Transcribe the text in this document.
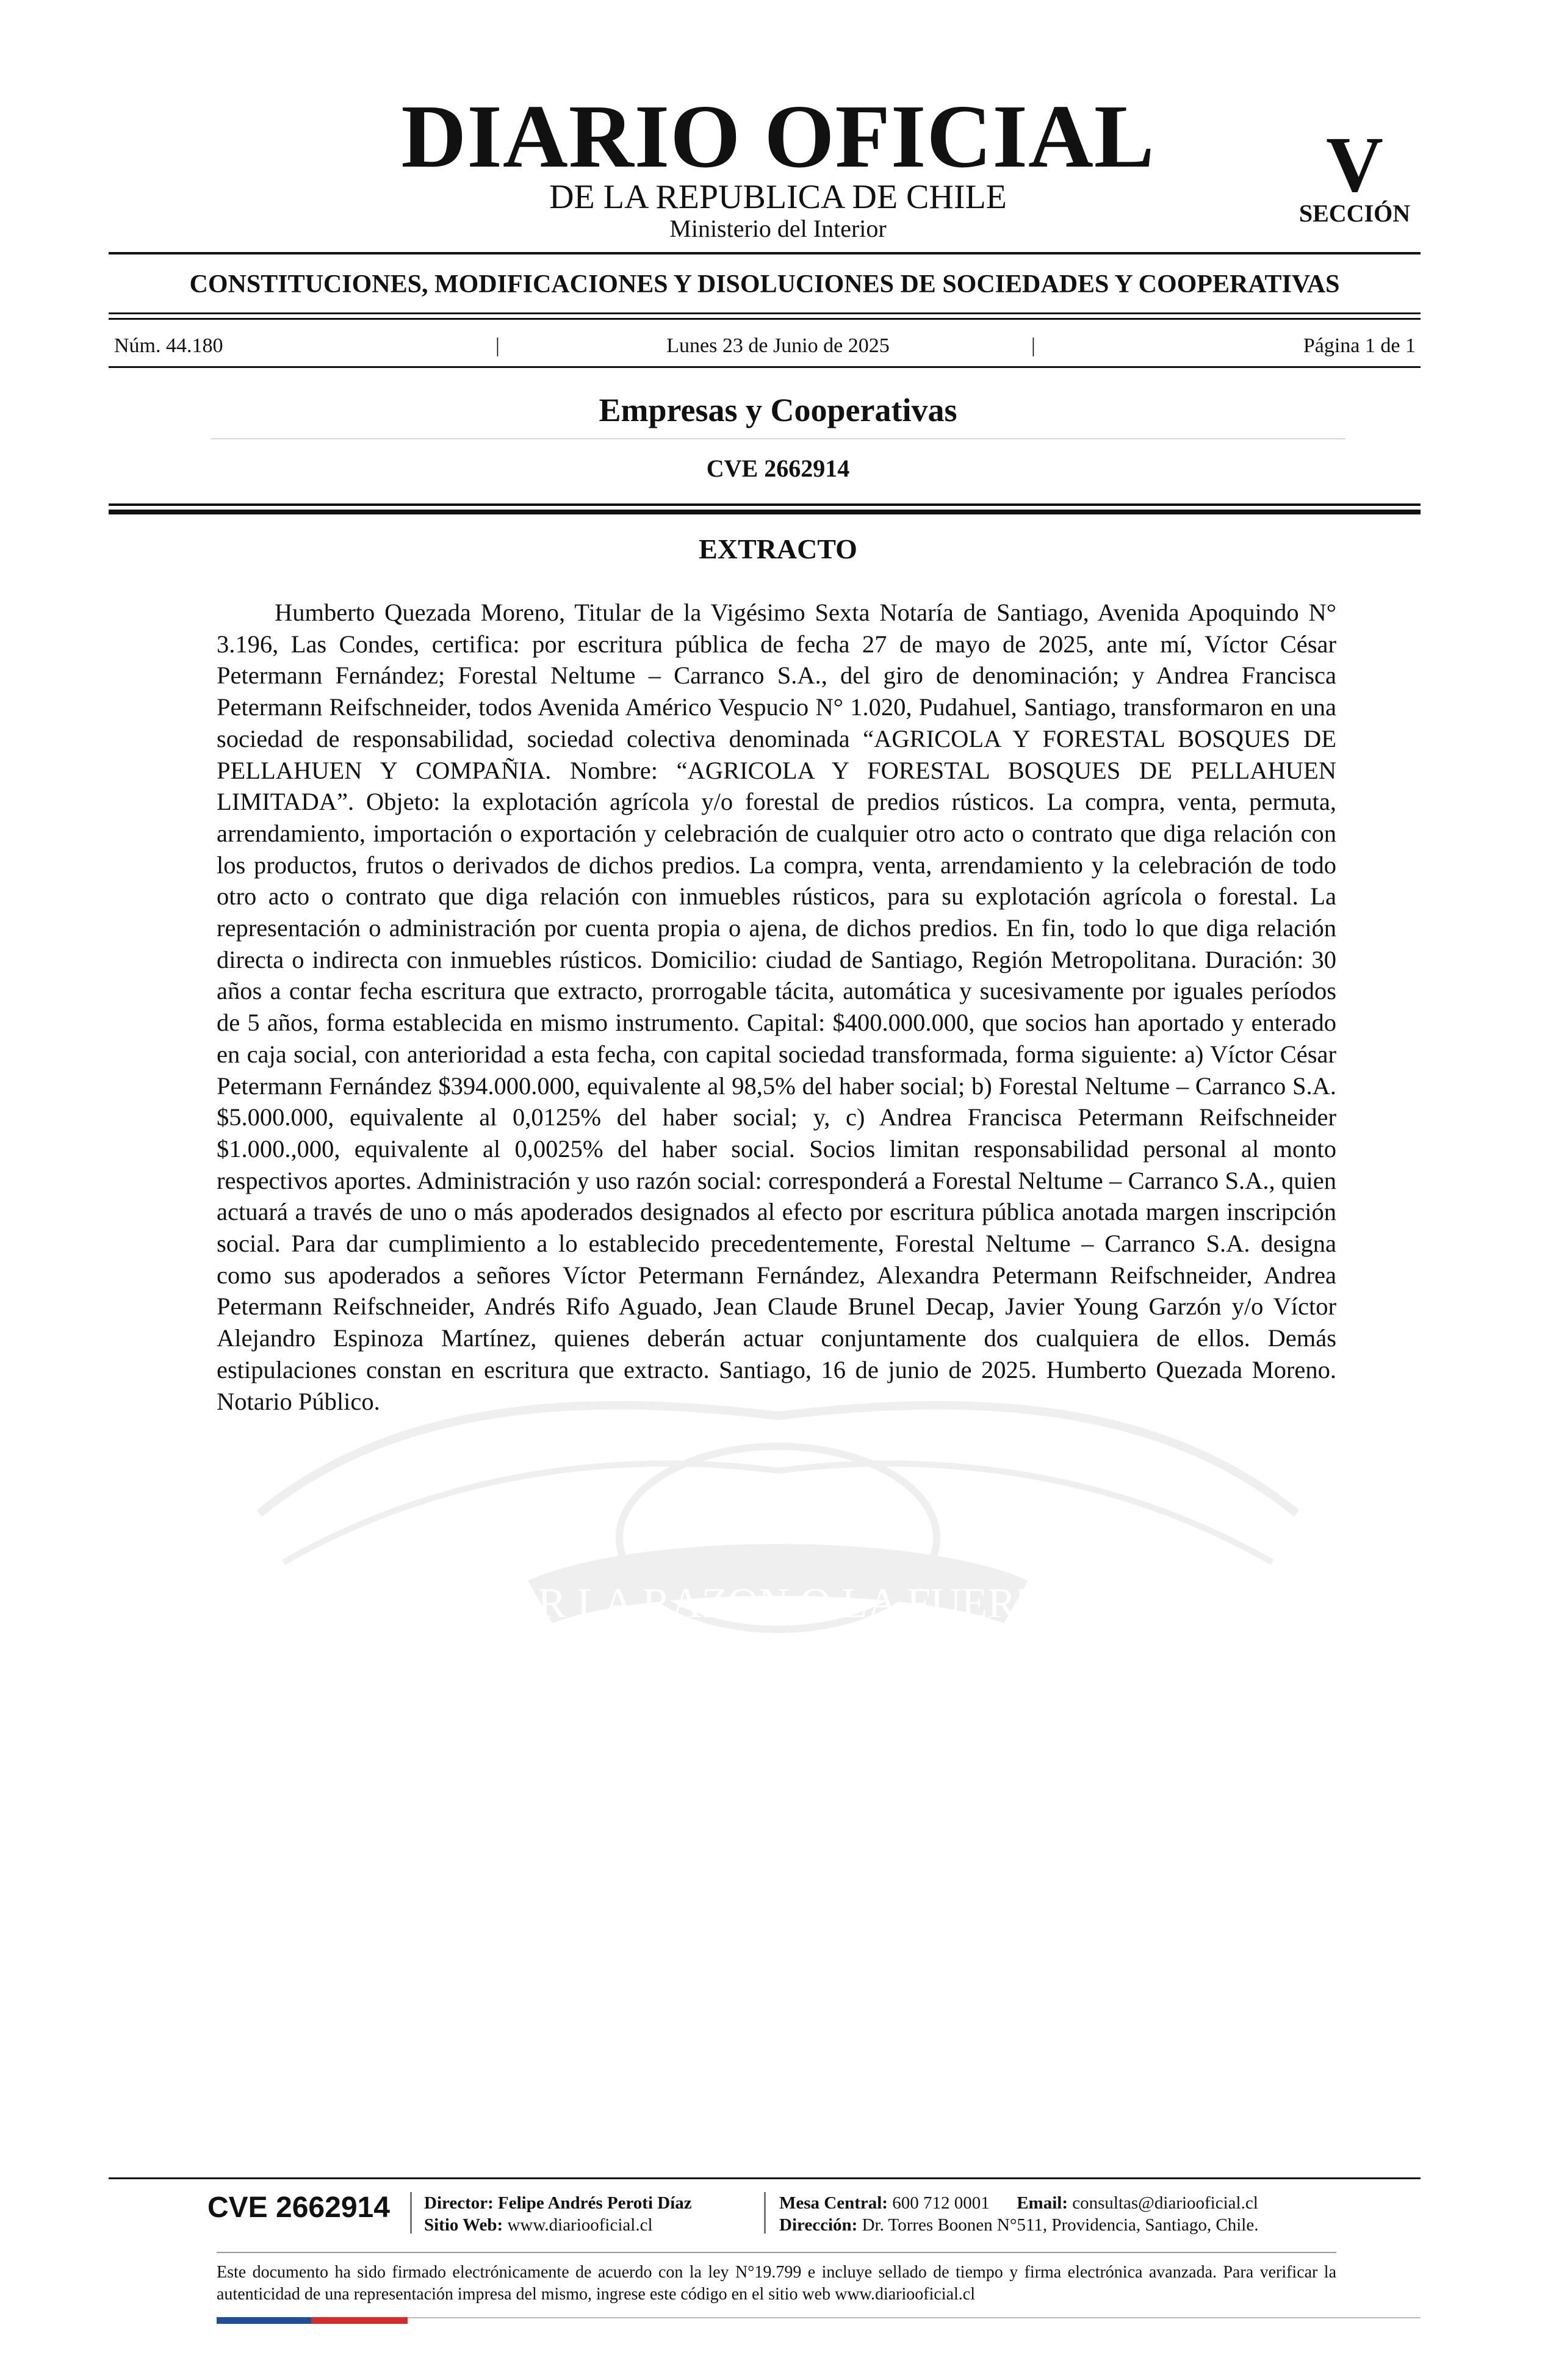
DIARIO OFICIAL
DE LA REPUBLICA DE CHILE
Ministerio del Interior
V
SECCIÓN
CONSTITUCIONES, MODIFICACIONES Y DISOLUCIONES DE SOCIEDADES Y COOPERATIVAS
Núm. 44.180	|	Lunes 23 de Junio de 2025	|	Página 1 de 1
Empresas y Cooperativas
CVE 2662914
POR LA RAZON O LA FUERZA
EXTRACTO

Humberto Quezada Moreno, Titular de la Vigésimo Sexta Notaría de Santiago, Avenida Apoquindo N° 3.196, Las Condes, certifica: por escritura pública de fecha 27 de mayo de 2025, ante mí, Víctor César Petermann Fernández; Forestal Neltume – Carranco S.A., del giro de denominación; y Andrea Francisca Petermann Reifschneider, todos Avenida Américo Vespucio N° 1.020, Pudahuel, Santiago, transformaron en una sociedad de responsabilidad, sociedad colectiva denominada “AGRICOLA Y FORESTAL BOSQUES DE PELLAHUEN Y COMPAÑIA. Nombre: “AGRICOLA Y FORESTAL BOSQUES DE PELLAHUEN LIMITADA”. Objeto: la explotación agrícola y/o forestal de predios rústicos. La compra, venta, permuta, arrendamiento, importación o exportación y celebración de cualquier otro acto o contrato que diga relación con los productos, frutos o derivados de dichos predios. La compra, venta, arrendamiento y la celebración de todo otro acto o contrato que diga relación con inmuebles rústicos, para su explotación agrícola o forestal. La representación o administración por cuenta propia o ajena, de dichos predios. En fin, todo lo que diga relación directa o indirecta con inmuebles rústicos. Domicilio: ciudad de Santiago, Región Metropolitana. Duración: 30 años a contar fecha escritura que extracto, prorrogable tácita, automática y sucesivamente por iguales períodos de 5 años, forma establecida en mismo instrumento. Capital: $400.000.000, que socios han aportado y enterado en caja social, con anterioridad a esta fecha, con capital sociedad transformada, forma siguiente: a) Víctor César Petermann Fernández $394.000.000, equivalente al 98,5% del haber social; b) Forestal Neltume – Carranco S.A. $5.000.000, equivalente al 0,0125% del haber social; y, c) Andrea Francisca Petermann Reifschneider $1.000.,000, equivalente al 0,0025% del haber social. Socios limitan responsabilidad personal al monto respectivos aportes. Administración y uso razón social: corresponderá a Forestal Neltume – Carranco S.A., quien actuará a través de uno o más apoderados designados al efecto por escritura pública anotada margen inscripción social. Para dar cumplimiento a lo establecido precedentemente, Forestal Neltume – Carranco S.A. designa como sus apoderados a señores Víctor Petermann Fernández, Alexandra Petermann Reifschneider, Andrea Petermann Reifschneider, Andrés Rifo Aguado, Jean Claude Brunel Decap, Javier Young Garzón y/o Víctor Alejandro Espinoza Martínez, quienes deberán actuar conjuntamente dos cualquiera de ellos. Demás estipulaciones constan en escritura que extracto. Santiago, 16 de junio de 2025. Humberto Quezada Moreno. Notario Público.

CVE 2662914 Director: Felipe Andrés Peroti Díaz
Sitio Web: www.diariooficial.cl
Mesa Central: 600 712 0001 Email: consultas@diariooficial.cl
Dirección: Dr. Torres Boonen N°511, Providencia, Santiago, Chile.

Este documento ha sido firmado electrónicamente de acuerdo con la ley N°19.799 e incluye sellado de tiempo y firma electrónica avanzada. Para verificar la autenticidad de una representación impresa del mismo, ingrese este código en el sitio web www.diariooficial.cl
